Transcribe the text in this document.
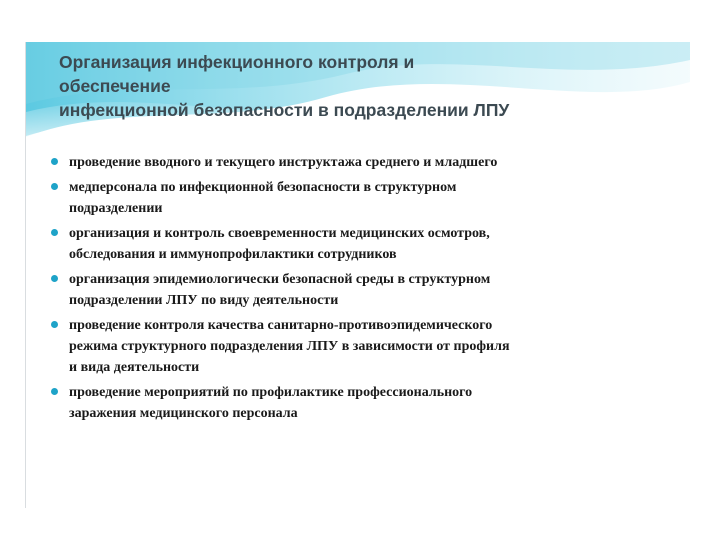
Организация инфекционного контроля и
обеспечение
инфекционной безопасности в подразделении ЛПУ
проведение вводного и текущего инструктажа среднего и младшего
медперсонала по инфекционной безопасности в структурном
подразделении
организация и контроль своевременности медицинских осмотров,
обследования и иммунопрофилактики сотрудников
организация эпидемиологически безопасной среды в структурном
подразделении ЛПУ по виду деятельности
проведение контроля качества санитарно-противоэпидемического
режима структурного подразделения ЛПУ в зависимости от профиля
и вида деятельности
проведение мероприятий по профилактике профессионального
заражения медицинского персонала
